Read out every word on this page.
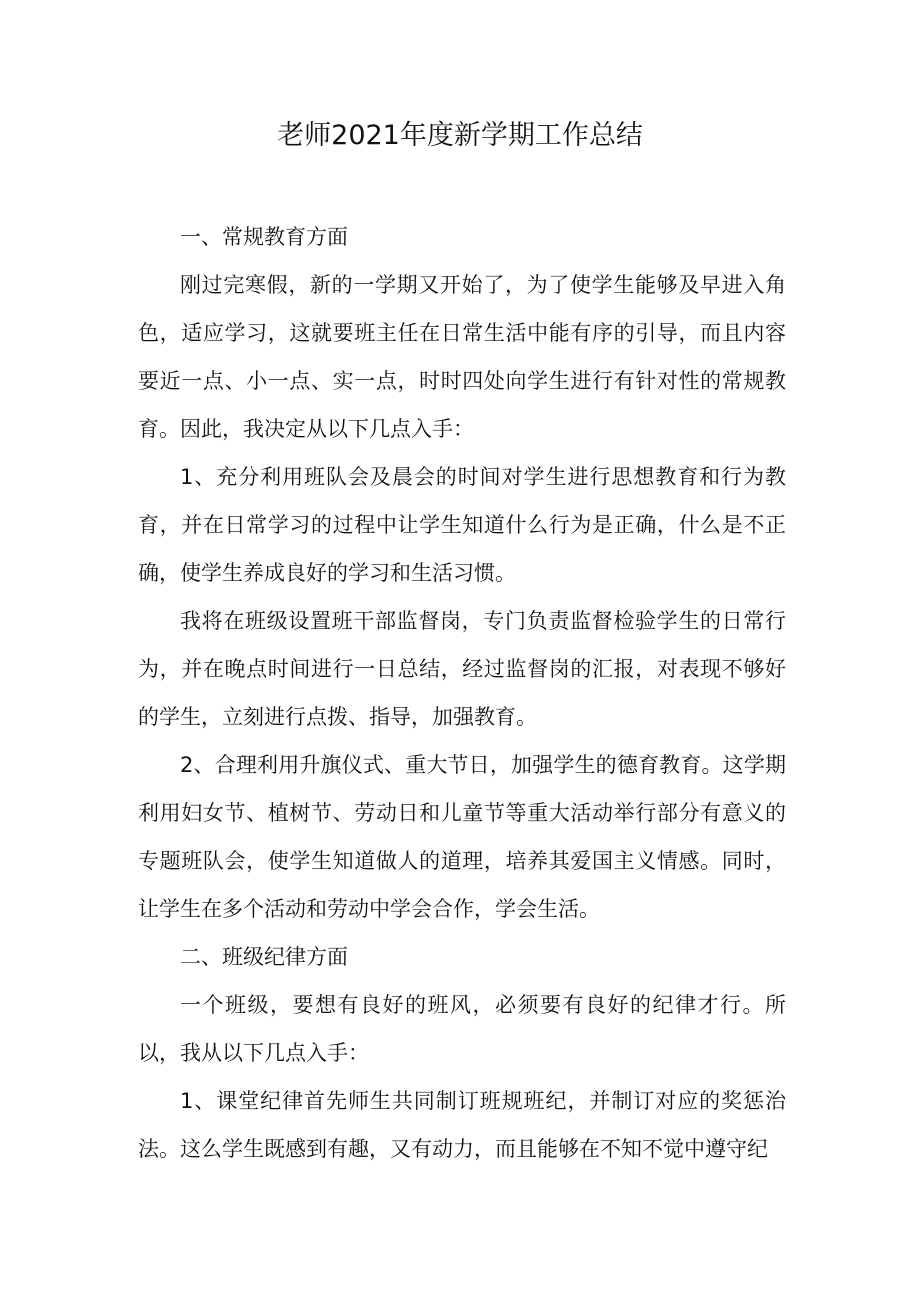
老师2021年度新学期工作总结

一、常规教育方面

刚过完寒假，新的一学期又开始了，为了使学生能够及早进入角色，适应学习，这就要班主任在日常生活中能有序的引导，而且内容要近一点、小一点、实一点，时时四处向学生进行有针对性的常规教育。因此，我决定从以下几点入手：

1、充分利用班队会及晨会的时间对学生进行思想教育和行为教育，并在日常学习的过程中让学生知道什么行为是正确，什么是不正确，使学生养成良好的学习和生活习惯。

我将在班级设置班干部监督岗，专门负责监督检验学生的日常行为，并在晚点时间进行一日总结，经过监督岗的汇报，对表现不够好的学生，立刻进行点拨、指导，加强教育。

2、合理利用升旗仪式、重大节日，加强学生的德育教育。这学期利用妇女节、植树节、劳动日和儿童节等重大活动举行部分有意义的专题班队会，使学生知道做人的道理，培养其爱国主义情感。同时，让学生在多个活动和劳动中学会合作，学会生活。

二、班级纪律方面

一个班级，要想有良好的班风，必须要有良好的纪律才行。所以，我从以下几点入手：

1、课堂纪律首先师生共同制订班规班纪，并制订对应的奖惩治法。这么学生既感到有趣，又有动力，而且能够在不知不觉中遵守纪
